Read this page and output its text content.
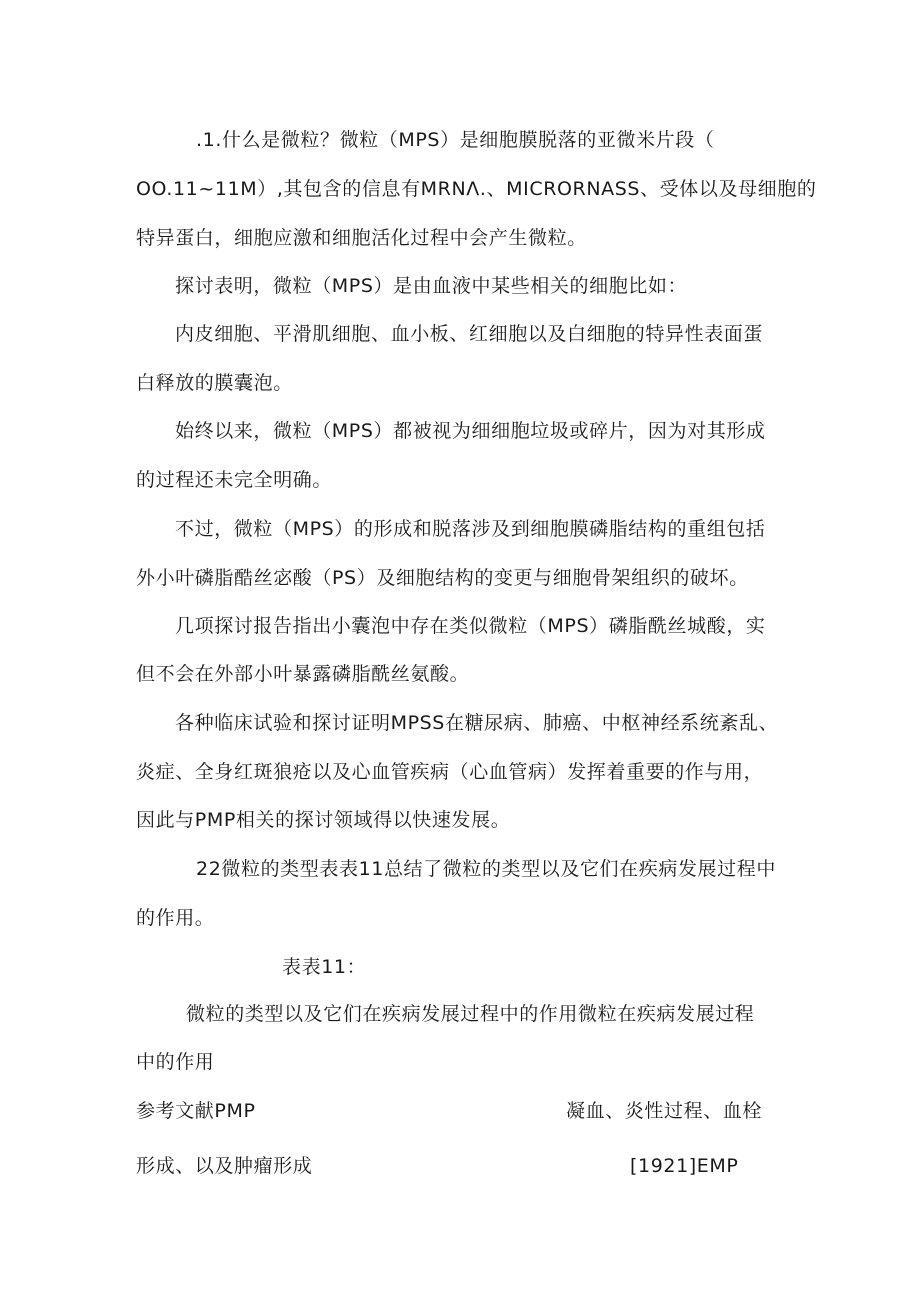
.1.什么是微粒？微粒（MPS）是细胞膜脱落的亚微米片段（
OO.11~11M）,其包含的信息有MRNΛ.、MICRORNASS、受体以及母细胞的
特异蛋白，细胞应激和细胞活化过程中会产生微粒。
探讨表明，微粒（MPS）是由血液中某些相关的细胞比如：
内皮细胞、平滑肌细胞、血小板、红细胞以及白细胞的特异性表面蛋
白释放的膜囊泡。
始终以来，微粒（MPS）都被视为细细胞垃圾或碎片，因为对其形成
的过程还未完全明确。
不过，微粒（MPS）的形成和脱落涉及到细胞膜磷脂结构的重组包括
外小叶磷脂酷丝宓酸（PS）及细胞结构的变更与细胞骨架组织的破坏。
几项探讨报告指出小囊泡中存在类似微粒（MPS）磷脂酰丝城酸，实
但不会在外部小叶暴露磷脂酰丝氨酸。
各种临床试验和探讨证明MPSS在糖尿病、肺癌、中枢神经系统紊乱、
炎症、全身红斑狼疮以及心血管疾病（心血管病）发挥着重要的作与用，
因此与PMP相关的探讨领域得以快速发展。
22微粒的类型表表11总结了微粒的类型以及它们在疾病发展过程中
的作用。
表表11：
微粒的类型以及它们在疾病发展过程中的作用微粒在疾病发展过程
中的作用
参考文献PMP	凝血、炎性过程、血栓
形成、以及肿瘤形成	[1921]EMP
